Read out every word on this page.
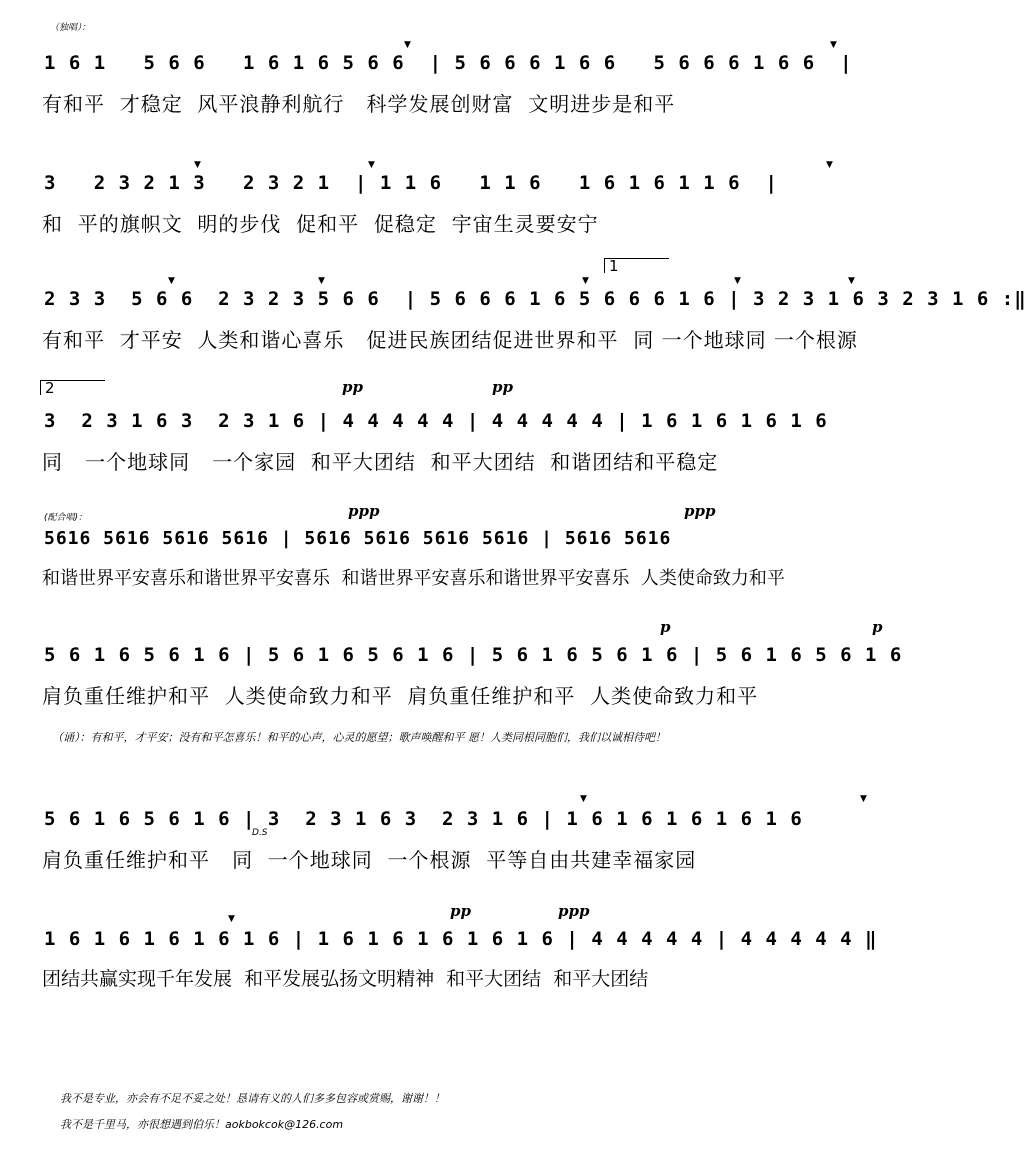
（独唱）：
1 6 1   5 6 6   1 6 1 6 5 6 6  | 5 6 6 6 1 6 6   5 6 6 6 1 6 6  |
有和平  才稳定  风平浪静利航行   科学发展创财富  文明进步是和平
▼	▼
3   2 3 2 1 3   2 3 2 1  | 1 1 6   1 1 6   1 6 1 6 1 1 6  |
和  平的旗帜文  明的步伐  促和平  促稳定  宇宙生灵要安宁
▼	▼	▼
1
2 3 3  5 6 6  2 3 2 3 5 6 6  | 5 6 6 6 1 6 5 6 6 6 1 6 | 3 2 3 1 6 3 2 3 1 6 :‖
有和平  才平安  人类和谐心喜乐   促进民族团结促进世界和平  同 一个地球同 一个根源
▼	▼	▼	▼	▼
2	pp	pp
3  2 3 1 6 3  2 3 1 6 | 4 4 4 4 4 | 4 4 4 4 4 | 1 6 1 6 1 6 1 6
同   一个地球同   一个家园  和平大团结  和平大团结  和谐团结和平稳定
(配合唱)：	ppp	ppp
5616 5616 5616 5616 | 5616 5616 5616 5616 | 5616 5616
和谐世界平安喜乐和谐世界平安喜乐  和谐世界平安喜乐和谐世界平安喜乐  人类使命致力和平
p	p
5 6 1 6 5 6 1 6 | 5 6 1 6 5 6 1 6 | 5 6 1 6 5 6 1 6 | 5 6 1 6 5 6 1 6
肩负重任维护和平  人类使命致力和平  肩负重任维护和平  人类使命致力和平
（诵）：有和平，才平安；没有和平怎喜乐！和平的心声，心灵的愿望；歌声唤醒和平 愿！人类同根同胞们，我们以诚相待吧！
D.S
5 6 1 6 5 6 1 6 | 3  2 3 1 6 3  2 3 1 6 | 1 6 1 6 1 6 1 6 1 6
肩负重任维护和平   同  一个地球同  一个根源  平等自由共建幸福家园
▼	▼
pp	ppp
1 6 1 6 1 6 1 6 1 6 | 1 6 1 6 1 6 1 6 1 6 | 4 4 4 4 4 | 4 4 4 4 4 ‖
团结共赢实现千年发展  和平发展弘扬文明精神  和平大团结  和平大团结
▼
我不是专业，亦会有不足不妥之处！恳请有义的人们多多包容或赏赐，谢谢！！
我不是千里马，亦很想遇到伯乐！aokbokcok@126.com
